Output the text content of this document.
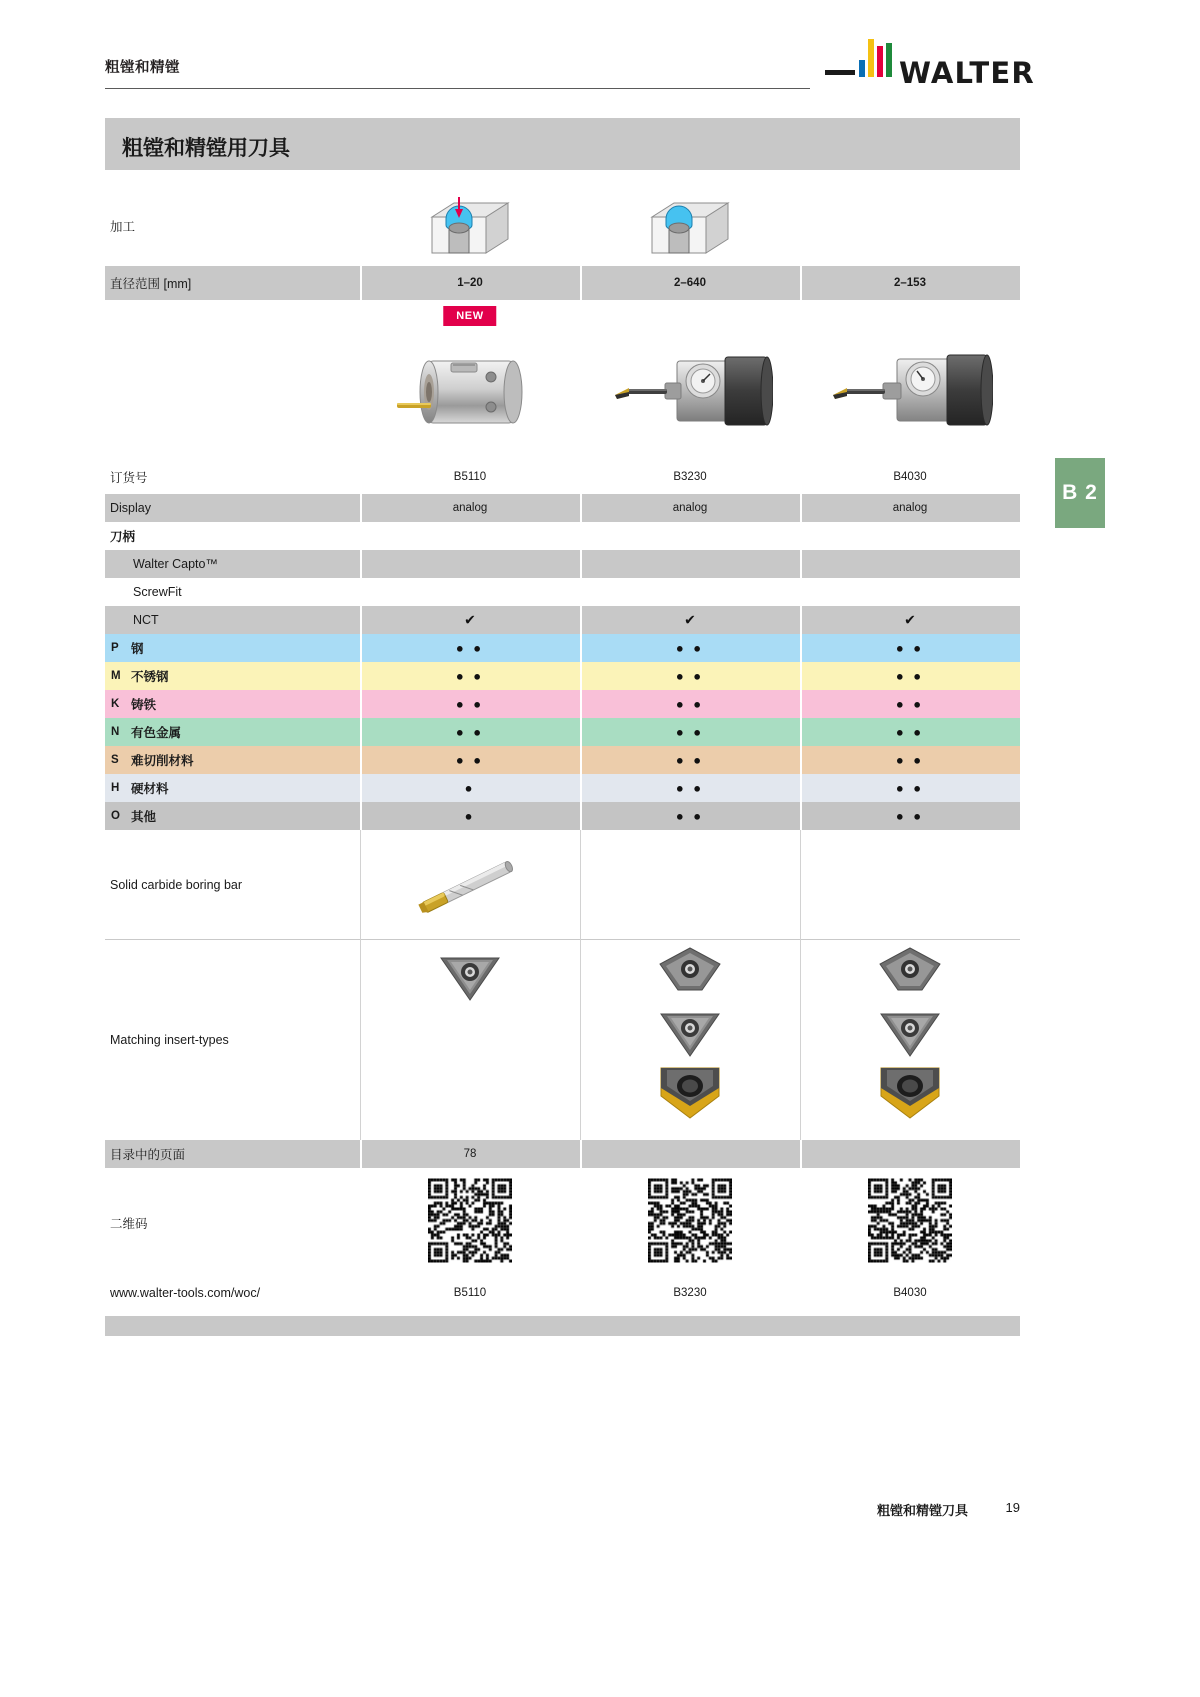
粗镗和精镗	WALTER
粗镗和精镗用刀具
B 2
加工
直径范围 [mm]	1–20	2–640	2–153
NEW
订货号	B5110	B3230	B4030
Display	analog	analog	analog
刀柄
Walter Capto™
ScrewFit
NCT	✔	✔	✔
P 钢	● ●	● ●	● ●
M 不锈钢	● ●	● ●	● ●
K 铸铁	● ●	● ●	● ●
N 有色金属	● ●	● ●	● ●
S 难切削材料	● ●	● ●	● ●
H 硬材料	●	● ●	● ●
O 其他	●	● ●	● ●
Solid carbide boring bar
Matching insert-types
目录中的页面	78
二维码
www.walter-tools.com/woc/	B5110	B3230	B4030
粗镗和精镗刀具	19
